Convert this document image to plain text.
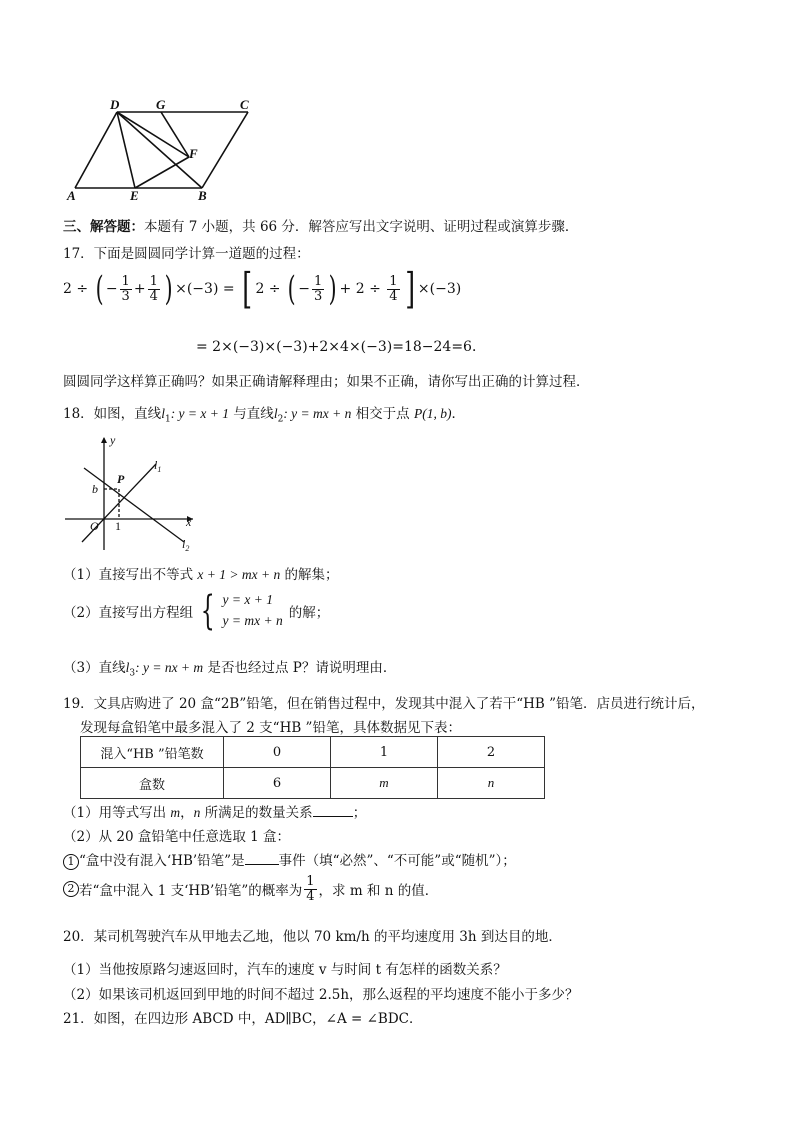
D	G	C
F
A	E	B
三、解答题：本题有 7 小题，共 66 分．解答应写出文字说明、证明过程或演算步骤．
17．下面是圆圆同学计算一道题的过程：
2 ÷ ( − $\frac{1}{3} + \frac{1}{4}$ ) ×(−3) = [ 2 ÷ ( − $\frac{1}{3}$ ) + $2 \div \frac{1}{4}$ ] ×(−3)
= 2×(−3)×(−3)+2×4×(−3)=18−24=6．
圆圆同学这样算正确吗？如果正确请解释理由；如果不正确，请你写出正确的计算过程．
18．如图，直线$l_1$: y = x + 1 与直线$l_2$: y = mx + n 相交于点 P(1, b)．
y
x
O
b
P
$l_1$
$l_2$
1
（1）直接写出不等式 x + 1 > mx + n 的解集；
（2）直接写出方程组 { y = x + 1
y = mx + n 的解；
（3）直线$l_3$: y = nx + m 是否也经过点 P？请说明理由．
19．文具店购进了 20 盒“2B”铅笔，但在销售过程中，发现其中混入了若干“HB ”铅笔．店员进行统计后，
发现每盒铅笔中最多混入了 2 支“HB ”铅笔，具体数据见下表：
混入“HB ”铅笔数	0	1	2
盒数	6	m	n
（1）用等式写出 m，n 所满足的数量关系	；
（2）从 20 盒铅笔中任意选取 1 盒：
1 “盒中没有混入‘HB’铅笔”是	事件（填“必然”、“不可能”或“随机”）；
2 若“盒中混入 1 支‘HB’铅笔”的概率为 $\frac{1}{4}$ ，求 m 和 n 的值．
20．某司机驾驶汽车从甲地去乙地，他以 70 km/h 的平均速度用 3h 到达目的地．
（1）当他按原路匀速返回时，汽车的速度 v 与时间 t 有怎样的函数关系？
（2）如果该司机返回到甲地的时间不超过 2.5h，那么返程的平均速度不能小于多少？
21．如图，在四边形 ABCD 中，AD∥BC，∠A = ∠BDC．
